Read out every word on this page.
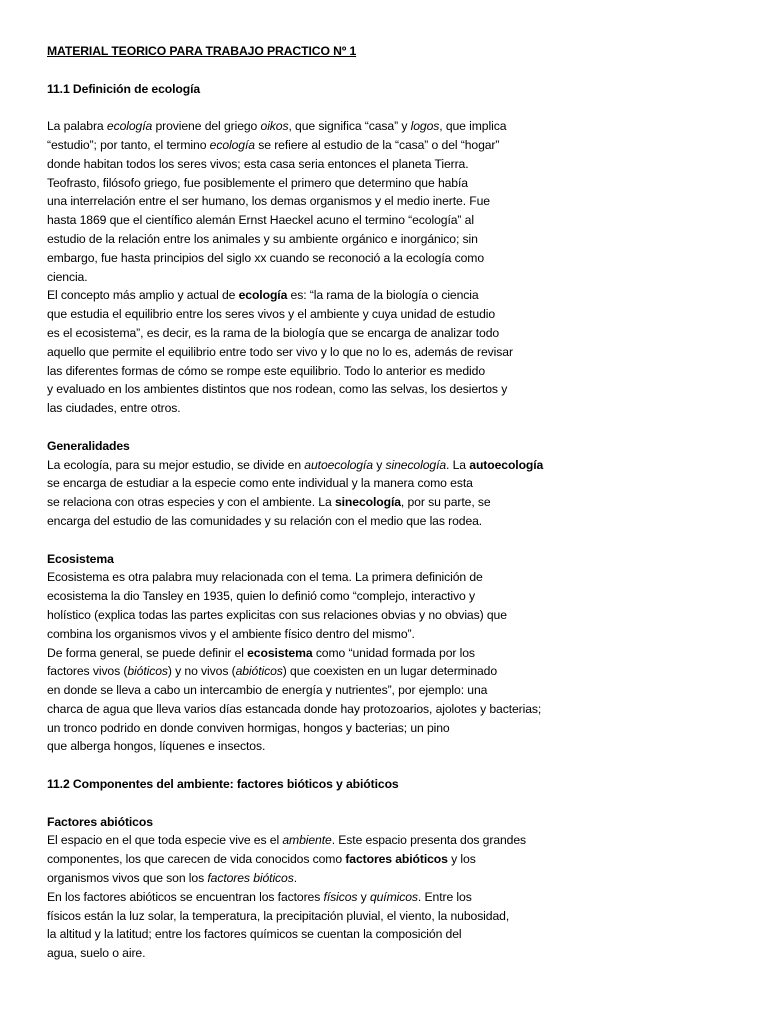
MATERIAL TEORICO PARA TRABAJO PRACTICO Nº 1
11.1 Definición de ecología
La palabra ecología proviene del griego oikos, que significa “casa” y logos, que implica
“estudio”; por tanto, el termino ecología se refiere al estudio de la “casa” o del “hogar”
donde habitan todos los seres vivos; esta casa seria entonces el planeta Tierra.
Teofrasto, filósofo griego, fue posiblemente el primero que determino que había
una interrelación entre el ser humano, los demas organismos y el medio inerte. Fue
hasta 1869 que el científico alemán Ernst Haeckel acuno el termino “ecología” al
estudio de la relación entre los animales y su ambiente orgánico e inorgánico; sin
embargo, fue hasta principios del siglo xx cuando se reconoció a la ecología como
ciencia.
El concepto más amplio y actual de ecología es: “la rama de la biología o ciencia
que estudia el equilibrio entre los seres vivos y el ambiente y cuya unidad de estudio
es el ecosistema”, es decir, es la rama de la biología que se encarga de analizar todo
aquello que permite el equilibrio entre todo ser vivo y lo que no lo es, además de revisar
las diferentes formas de cómo se rompe este equilibrio. Todo lo anterior es medido
y evaluado en los ambientes distintos que nos rodean, como las selvas, los desiertos y
las ciudades, entre otros.
Generalidades
La ecología, para su mejor estudio, se divide en autoecología y sinecología. La autoecología
se encarga de estudiar a la especie como ente individual y la manera como esta
se relaciona con otras especies y con el ambiente. La sinecología, por su parte, se
encarga del estudio de las comunidades y su relación con el medio que las rodea.
Ecosistema
Ecosistema es otra palabra muy relacionada con el tema. La primera definición de
ecosistema la dio Tansley en 1935, quien lo definió como “complejo, interactivo y
holístico (explica todas las partes explicitas con sus relaciones obvias y no obvias) que
combina los organismos vivos y el ambiente físico dentro del mismo”.
De forma general, se puede definir el ecosistema como “unidad formada por los
factores vivos (bióticos) y no vivos (abióticos) que coexisten en un lugar determinado
en donde se lleva a cabo un intercambio de energía y nutrientes”, por ejemplo: una
charca de agua que lleva varios días estancada donde hay protozoarios, ajolotes y bacterias;
un tronco podrido en donde conviven hormigas, hongos y bacterias; un pino
que alberga hongos, líquenes e insectos.
11.2 Componentes del ambiente: factores bióticos y abióticos
Factores abióticos
El espacio en el que toda especie vive es el ambiente. Este espacio presenta dos grandes
componentes, los que carecen de vida conocidos como factores abióticos y los
organismos vivos que son los factores bióticos.
En los factores abióticos se encuentran los factores físicos y químicos. Entre los
físicos están la luz solar, la temperatura, la precipitación pluvial, el viento, la nubosidad,
la altitud y la latitud; entre los factores químicos se cuentan la composición del
agua, suelo o aire.
